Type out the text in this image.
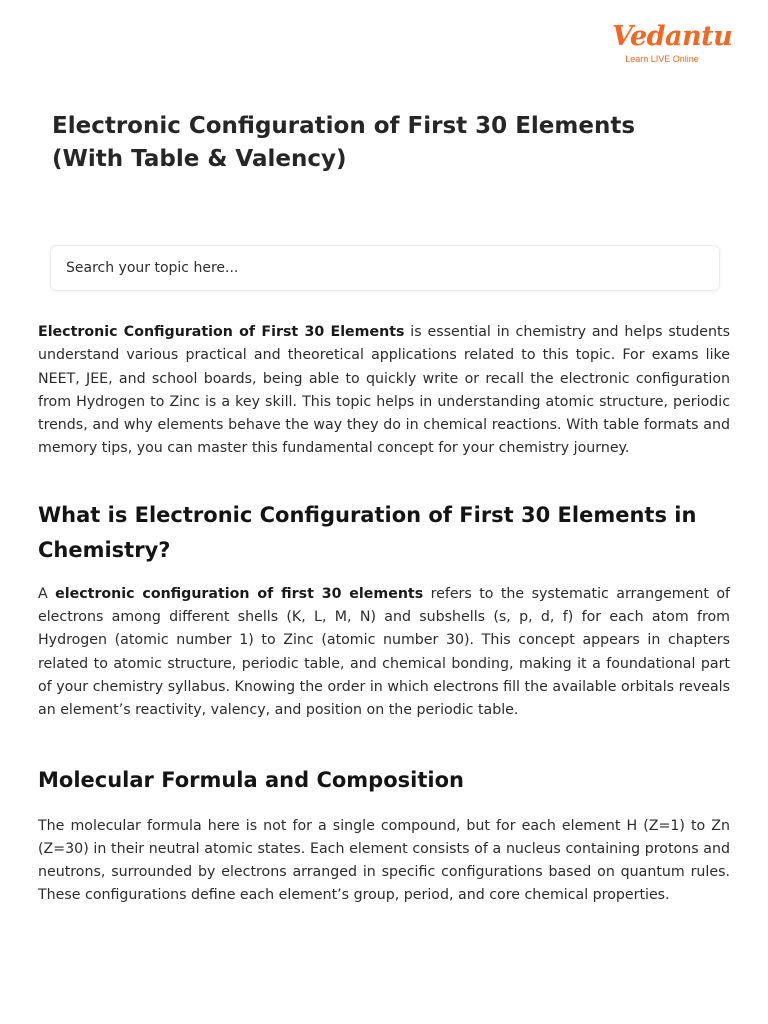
Vedantu
Learn LIVE Online
Electronic Configuration of First 30 Elements (With Table & Valency)
Search your topic here...

Electronic Configuration of First 30 Elements is essential in chemistry and helps students understand various practical and theoretical applications related to this topic. For exams like NEET, JEE, and school boards, being able to quickly write or recall the electronic configuration from Hydrogen to Zinc is a key skill. This topic helps in understanding atomic structure, periodic trends, and why elements behave the way they do in chemical reactions. With table formats and memory tips, you can master this fundamental concept for your chemistry journey.

What is Electronic Configuration of First 30 Elements in Chemistry?

A electronic configuration of first 30 elements refers to the systematic arrangement of electrons among different shells (K, L, M, N) and subshells (s, p, d, f) for each atom from Hydrogen (atomic number 1) to Zinc (atomic number 30). This concept appears in chapters related to atomic structure, periodic table, and chemical bonding, making it a foundational part of your chemistry syllabus. Knowing the order in which electrons fill the available orbitals reveals an element’s reactivity, valency, and position on the periodic table.

Molecular Formula and Composition

The molecular formula here is not for a single compound, but for each element H (Z=1) to Zn (Z=30) in their neutral atomic states. Each element consists of a nucleus containing protons and neutrons, surrounded by electrons arranged in specific configurations based on quantum rules. These configurations define each element’s group, period, and core chemical properties.
